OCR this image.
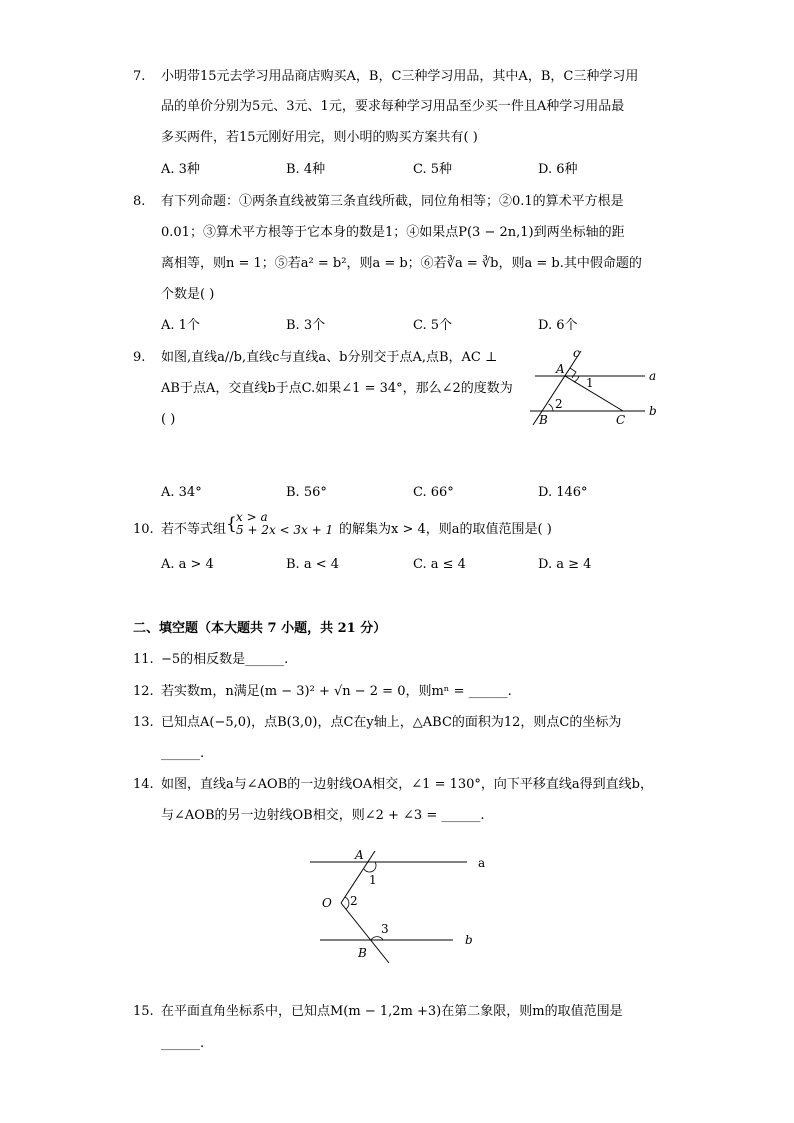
7. 小明带15元去学习用品商店购买A，B，C三种学习用品，其中A，B，C三种学习用
品的单价分别为5元、3元、1元，要求每种学习用品至少买一件且A种学习用品最
多买两件，若15元刚好用完，则小明的购买方案共有( )
A. 3种	B. 4种	C. 5种	D. 6种
8. 有下列命题：①两条直线被第三条直线所截，同位角相等；②0.1的算术平方根是
0.01；③算术平方根等于它本身的数是1；④如果点P(3 − 2n,1)到两坐标轴的距
离相等，则n = 1；⑤若a² = b²，则a = b；⑥若∛a = ∛b，则a = b.其中假命题的
个数是( )
A. 1个	B. 3个	C. 5个	D. 6个
9. 如图,直线a//b,直线c与直线a、b分别交于点A,点B，AC ⊥
AB于点A，交直线b于点C.如果∠1 = 34°，那么∠2的度数为
( )
c
A
1	a
2	b
B	C
A. 34°	B. 56°	C. 66°	D. 146°
10. 若不等式组 { x > a
5 + 2x < 3x + 1 的解集为x > 4，则a的取值范围是( )
A. a > 4	B. a < 4	C. a ≤ 4	D. a ≥ 4
二、填空题（本大题共 7 小题，共 21 分）
11. −5的相反数是______.
12. 若实数m，n满足(m − 3)² + √n − 2 = 0，则mⁿ = ______.
13. 已知点A(−5,0)，点B(3,0)，点C在y轴上，△ABC的面积为12，则点C的坐标为
______.
14. 如图，直线a与∠AOB的一边射线OA相交，∠1 = 130°，向下平移直线a得到直线b，
与∠AOB的另一边射线OB相交，则∠2 + ∠3 = ______.
A
a
1
O 2
3
b
B
15. 在平面直角坐标系中，已知点M(m − 1,2m +3)在第二象限，则m的取值范围是
______.
